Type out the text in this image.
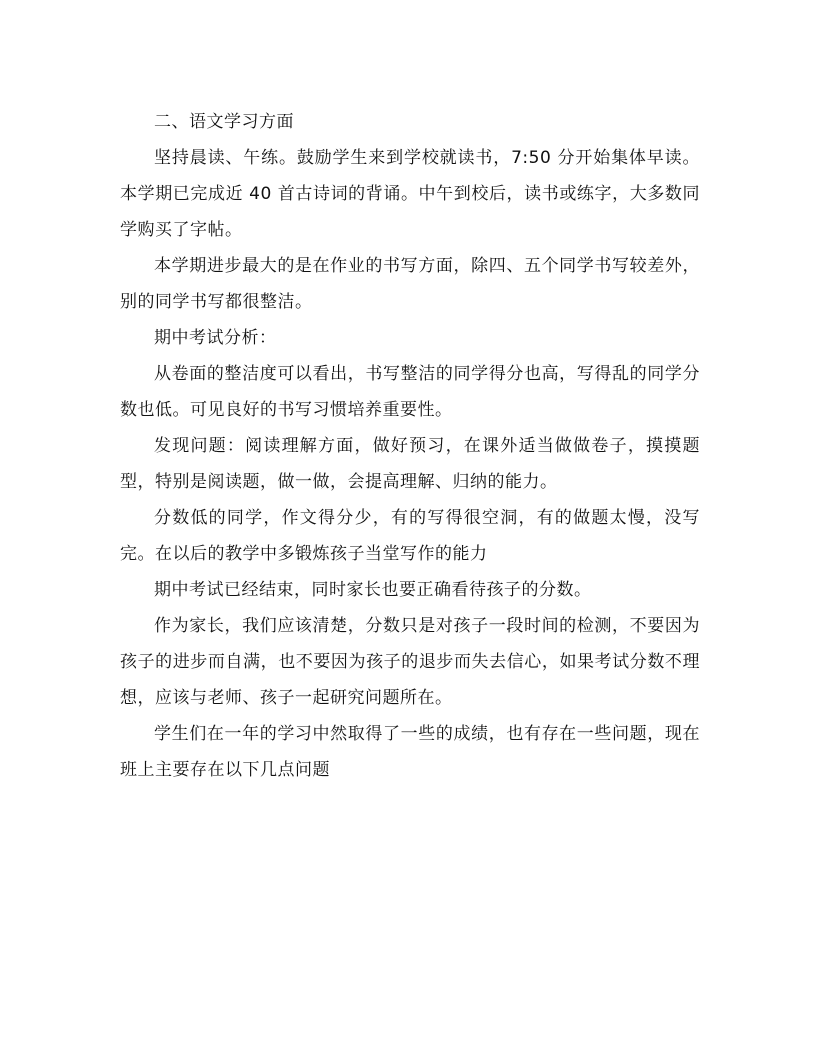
二、语文学习方面

坚持晨读、午练。鼓励学生来到学校就读书，7:50 分开始集体早读。本学期已完成近 40 首古诗词的背诵。中午到校后，读书或练字，大多数同学购买了字帖。

本学期进步最大的是在作业的书写方面，除四、五个同学书写较差外，别的同学书写都很整洁。

期中考试分析：

从卷面的整洁度可以看出，书写整洁的同学得分也高，写得乱的同学分数也低。可见良好的书写习惯培养重要性。

发现问题：阅读理解方面，做好预习，在课外适当做做卷子，摸摸题型，特别是阅读题，做一做，会提高理解、归纳的能力。

分数低的同学，作文得分少，有的写得很空洞，有的做题太慢，没写完。在以后的教学中多锻炼孩子当堂写作的能力

期中考试已经结束，同时家长也要正确看待孩子的分数。

作为家长，我们应该清楚，分数只是对孩子一段时间的检测，不要因为孩子的进步而自满，也不要因为孩子的退步而失去信心，如果考试分数不理想，应该与老师、孩子一起研究问题所在。

学生们在一年的学习中然取得了一些的成绩，也有存在一些问题，现在班上主要存在以下几点问题
